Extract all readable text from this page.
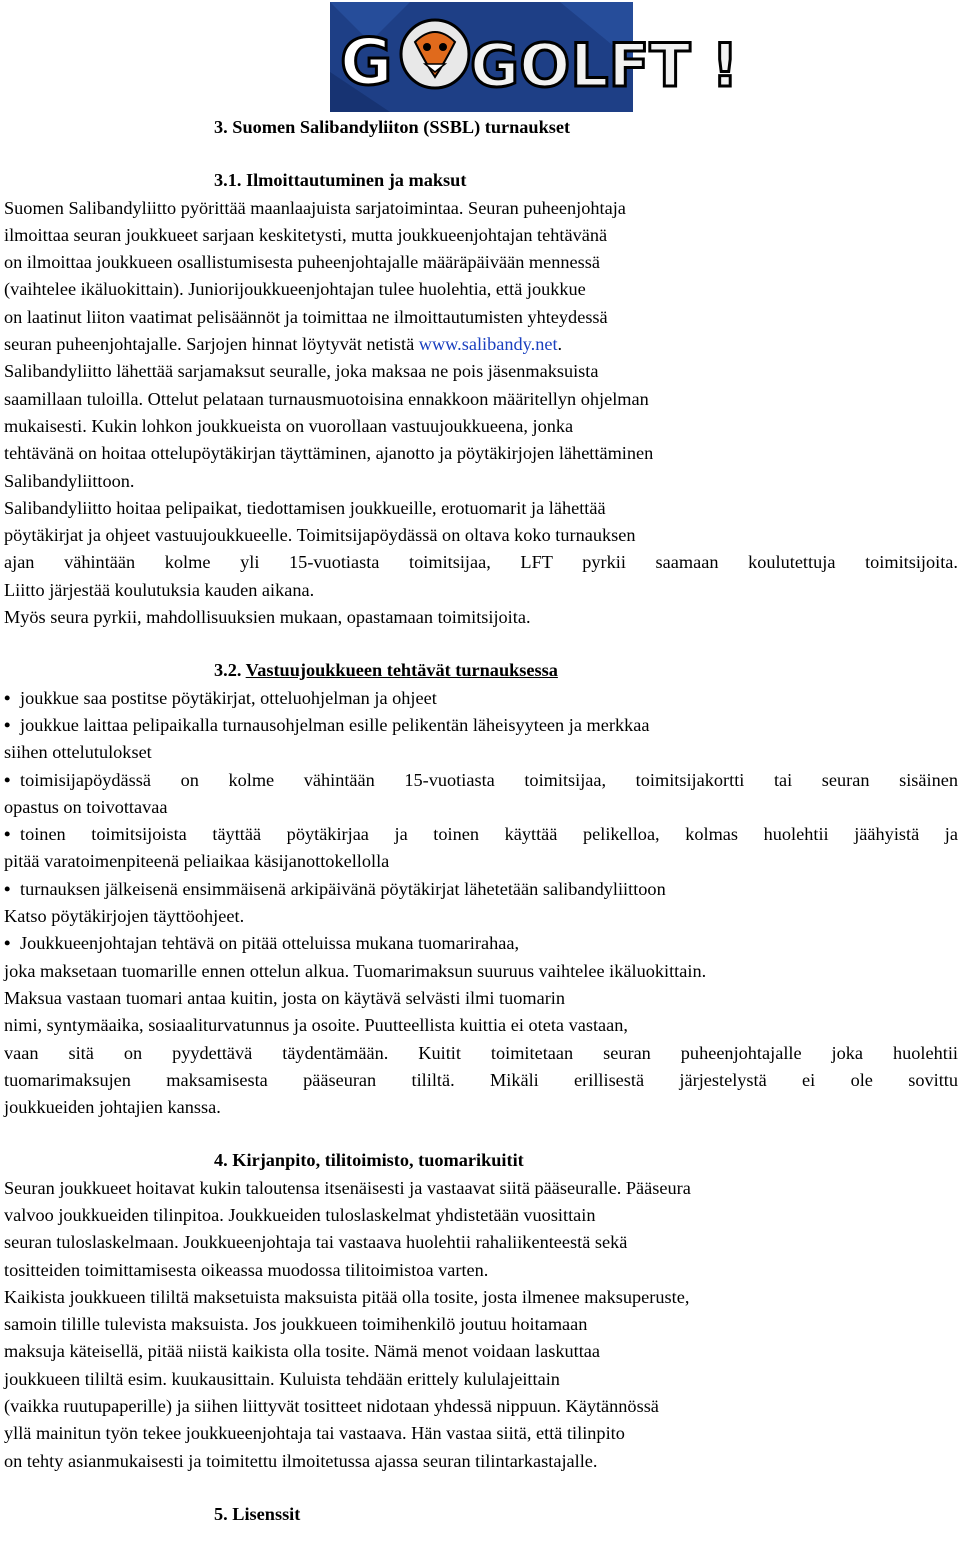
G GOLFT !
3. Suomen Salibandyliiton (SSBL) turnaukset
3.1. Ilmoittautuminen ja maksut
Suomen Salibandyliitto pyörittää maanlaajuista sarjatoimintaa. Seuran puheenjohtaja
ilmoittaa seuran joukkueet sarjaan keskitetysti, mutta joukkueenjohtajan tehtävänä
on ilmoittaa joukkueen osallistumisesta puheenjohtajalle määräpäivään mennessä
(vaihtelee ikäluokittain). Juniorijoukkueenjohtajan tulee huolehtia, että joukkue
on laatinut liiton vaatimat pelisäännöt ja toimittaa ne ilmoittautumisten yhteydessä
seuran puheenjohtajalle. Sarjojen hinnat löytyvät netistä www.salibandy.net.
Salibandyliitto lähettää sarjamaksut seuralle, joka maksaa ne pois jäsenmaksuista
saamillaan tuloilla. Ottelut pelataan turnausmuotoisina ennakkoon määritellyn ohjelman
mukaisesti. Kukin lohkon joukkueista on vuorollaan vastuujoukkueena, jonka
tehtävänä on hoitaa ottelupöytäkirjan täyttäminen, ajanotto ja pöytäkirjojen lähettäminen
Salibandyliittoon.
Salibandyliitto hoitaa pelipaikat, tiedottamisen joukkueille, erotuomarit ja lähettää
pöytäkirjat ja ohjeet vastuujoukkueelle. Toimitsijapöydässä on oltava koko turnauksen
ajan vähintään kolme yli 15-vuotiasta toimitsijaa, LFT pyrkii saamaan koulutettuja toimitsijoita.
Liitto järjestää koulutuksia kauden aikana.
Myös seura pyrkii, mahdollisuuksien mukaan, opastamaan toimitsijoita.
3.2. Vastuujoukkueen tehtävät turnauksessa
•joukkue saa postitse pöytäkirjat, otteluohjelman ja ohjeet
•joukkue laittaa pelipaikalla turnausohjelman esille pelikentän läheisyyteen ja merkkaa
siihen ottelutulokset
•toimisijapöydässä on kolme vähintään 15-vuotiasta toimitsijaa, toimitsijakortti tai seuran sisäinen
opastus on toivottavaa
•toinen toimitsijoista täyttää pöytäkirjaa ja toinen käyttää pelikelloa, kolmas huolehtii jäähyistä ja
pitää varatoimenpiteenä peliaikaa käsijanottokellolla
•turnauksen jälkeisenä ensimmäisenä arkipäivänä pöytäkirjat lähetetään salibandyliittoon
Katso pöytäkirjojen täyttöohjeet.
•Joukkueenjohtajan tehtävä on pitää otteluissa mukana tuomarirahaa,
joka maksetaan tuomarille ennen ottelun alkua. Tuomarimaksun suuruus vaihtelee ikäluokittain.
Maksua vastaan tuomari antaa kuitin, josta on käytävä selvästi ilmi tuomarin
nimi, syntymäaika, sosiaaliturvatunnus ja osoite. Puutteellista kuittia ei oteta vastaan,
vaan sitä on pyydettävä täydentämään. Kuitit toimitetaan seuran puheenjohtajalle joka huolehtii
tuomarimaksujen maksamisesta pääseuran tililtä. Mikäli erillisestä järjestelystä ei ole sovittu
joukkueiden johtajien kanssa.
4. Kirjanpito, tilitoimisto, tuomarikuitit
Seuran joukkueet hoitavat kukin taloutensa itsenäisesti ja vastaavat siitä pääseuralle. Pääseura
valvoo joukkueiden tilinpitoa. Joukkueiden tuloslaskelmat yhdistetään vuosittain
seuran tuloslaskelmaan. Joukkueenjohtaja tai vastaava huolehtii rahaliikenteestä sekä
tositteiden toimittamisesta oikeassa muodossa tilitoimistoa varten.
Kaikista joukkueen tililtä maksetuista maksuista pitää olla tosite, josta ilmenee maksuperuste,
samoin tilille tulevista maksuista. Jos joukkueen toimihenkilö joutuu hoitamaan
maksuja käteisellä, pitää niistä kaikista olla tosite. Nämä menot voidaan laskuttaa
joukkueen tililtä esim. kuukausittain. Kuluista tehdään erittely kululajeittain
(vaikka ruutupaperille) ja siihen liittyvät tositteet nidotaan yhdessä nippuun. Käytännössä
yllä mainitun työn tekee joukkueenjohtaja tai vastaava. Hän vastaa siitä, että tilinpito
on tehty asianmukaisesti ja toimitettu ilmoitetussa ajassa seuran tilintarkastajalle.
5. Lisenssit
